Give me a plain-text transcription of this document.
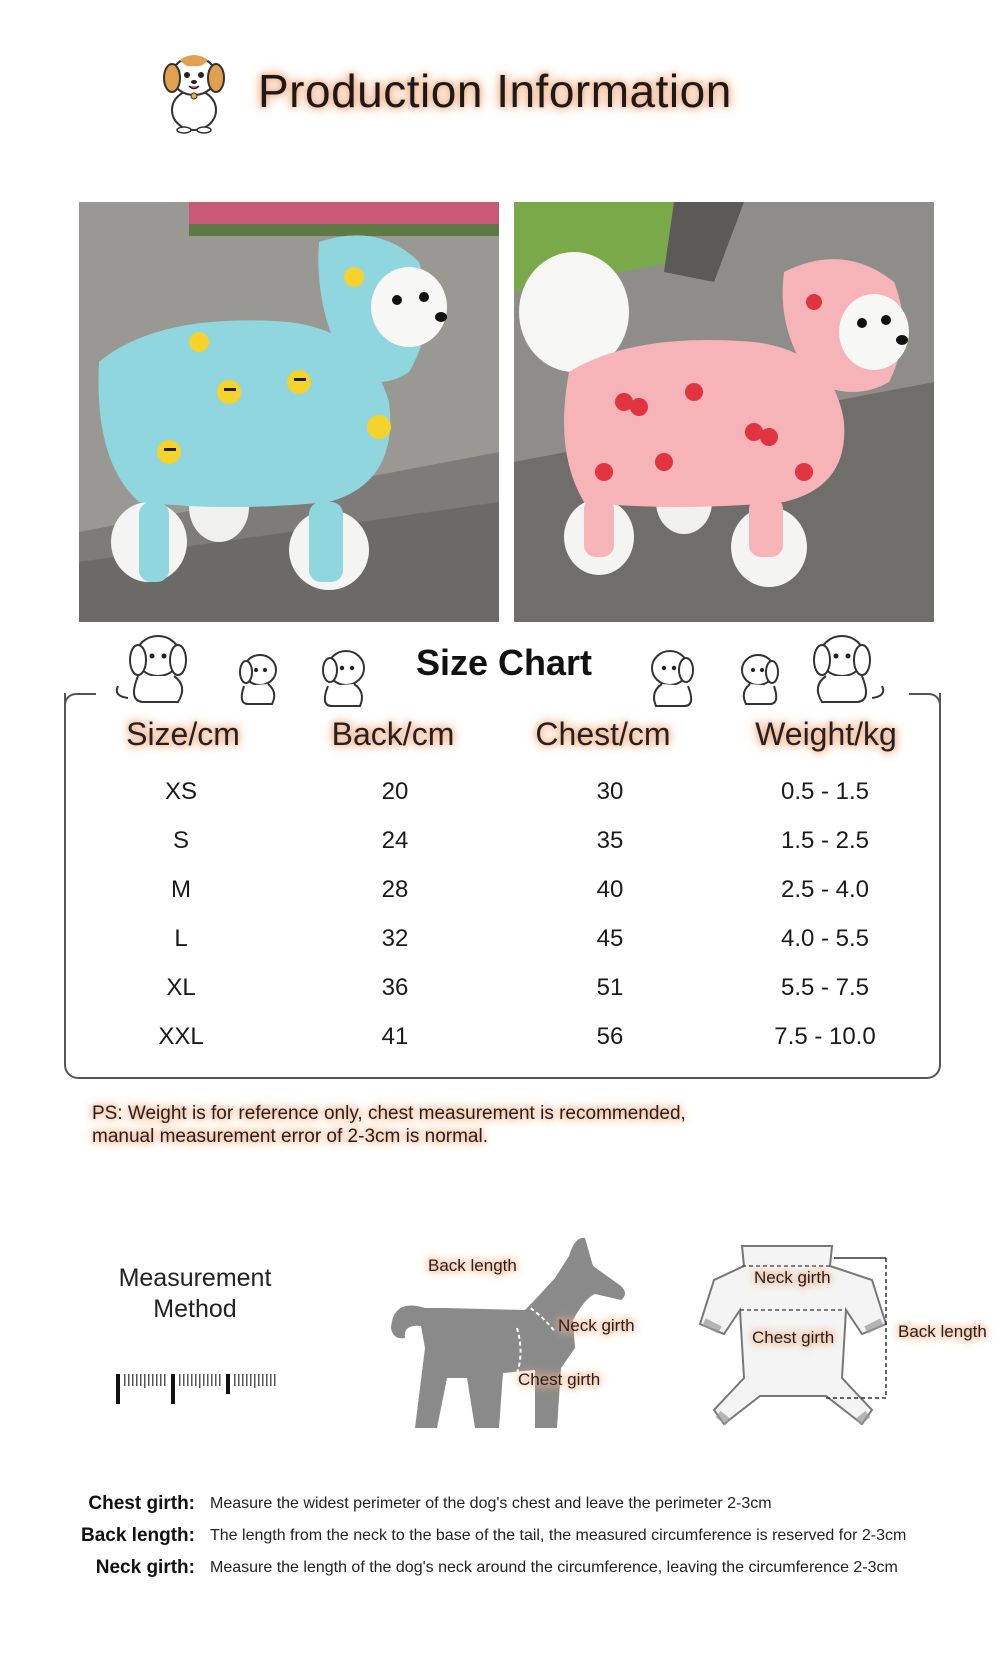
Production Information
Size Chart
Size/cm	Back/cm	Chest/cm	Weight/kg
XS	20	30	0.5 - 1.5
S	24	35	1.5 - 2.5
M	28	40	2.5 - 4.0
L	32	45	4.0 - 5.5
XL	36	51	5.5 - 7.5
XXL	41	56	7.5 - 10.0
PS: Weight is for reference only, chest measurement is recommended,
manual measurement error of 2-3cm is normal.
Measurement
Method
Back length
Neck girth
Chest girth
Neck girth
Chest girth	Back length
Chest girth: Measure the widest perimeter of the dog's chest and leave the perimeter 2-3cm
Back length: The length from the neck to the base of the tail, the measured circumference is reserved for 2-3cm
Neck girth: Measure the length of the dog's neck around the circumference, leaving the circumference 2-3cm
